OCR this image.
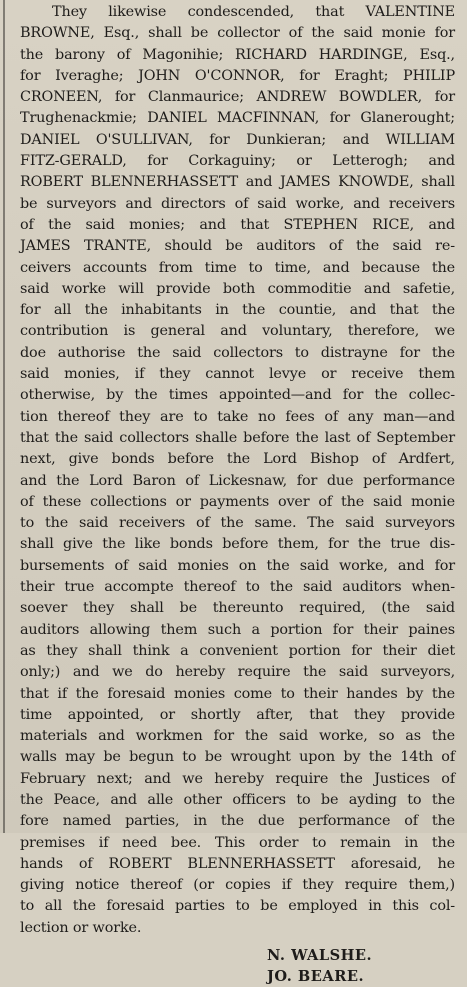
They likewise condescended, that VALENTINE
BROWNE, Esq., shall be collector of the said monie for
the barony of Magonihie; RICHARD HARDINGE, Esq.,
for Iveraghe; JOHN O'CONNOR, for Eraght; PHILIP
CRONEEN, for Clanmaurice; ANDREW BOWDLER, for
Trughenackmie; DANIEL MACFINNAN, for Glanerought;
DANIEL O'SULLIVAN, for Dunkieran; and WILLIAM
FITZ-GERALD, for Corkaguiny; or Letterogh; and
ROBERT BLENNERHASSETT and JAMES KNOWDE, shall
be surveyors and directors of said worke, and receivers
of the said monies; and that STEPHEN RICE, and
JAMES TRANTE, should be auditors of the said re-
ceivers accounts from time to time, and because the
said worke will provide both commoditie and safetie,
for all the inhabitants in the countie, and that the
contribution is general and voluntary, therefore, we
doe authorise the said collectors to distrayne for the
said monies, if they cannot levye or receive them
otherwise, by the times appointed—and for the collec-
tion thereof they are to take no fees of any man—and
that the said collectors shalle before the last of September
next, give bonds before the Lord Bishop of Ardfert,
and the Lord Baron of Lickesnaw, for due performance
of these collections or payments over of the said monie
to the said receivers of the same. The said surveyors
shall give the like bonds before them, for the true dis-
bursements of said monies on the said worke, and for
their true accompte thereof to the said auditors when-
soever they shall be thereunto required, (the said
auditors allowing them such a portion for their paines
as they shall think a convenient portion for their diet
only;) and we do hereby require the said surveyors,
that if the foresaid monies come to their handes by the
time appointed, or shortly after, that they provide
materials and workmen for the said worke, so as the
walls may be begun to be wrought upon by the 14th of
February next; and we hereby require the Justices of
the Peace, and alle other officers to be ayding to the
fore named parties, in the due performance of the
premises if need bee. This order to remain in the
hands of ROBERT BLENNERHASSETT aforesaid, he
giving notice thereof (or copies if they require them,)
to all the foresaid parties to be employed in this col-
lection or worke.
N. WALSHE.
JO. BEARE.
